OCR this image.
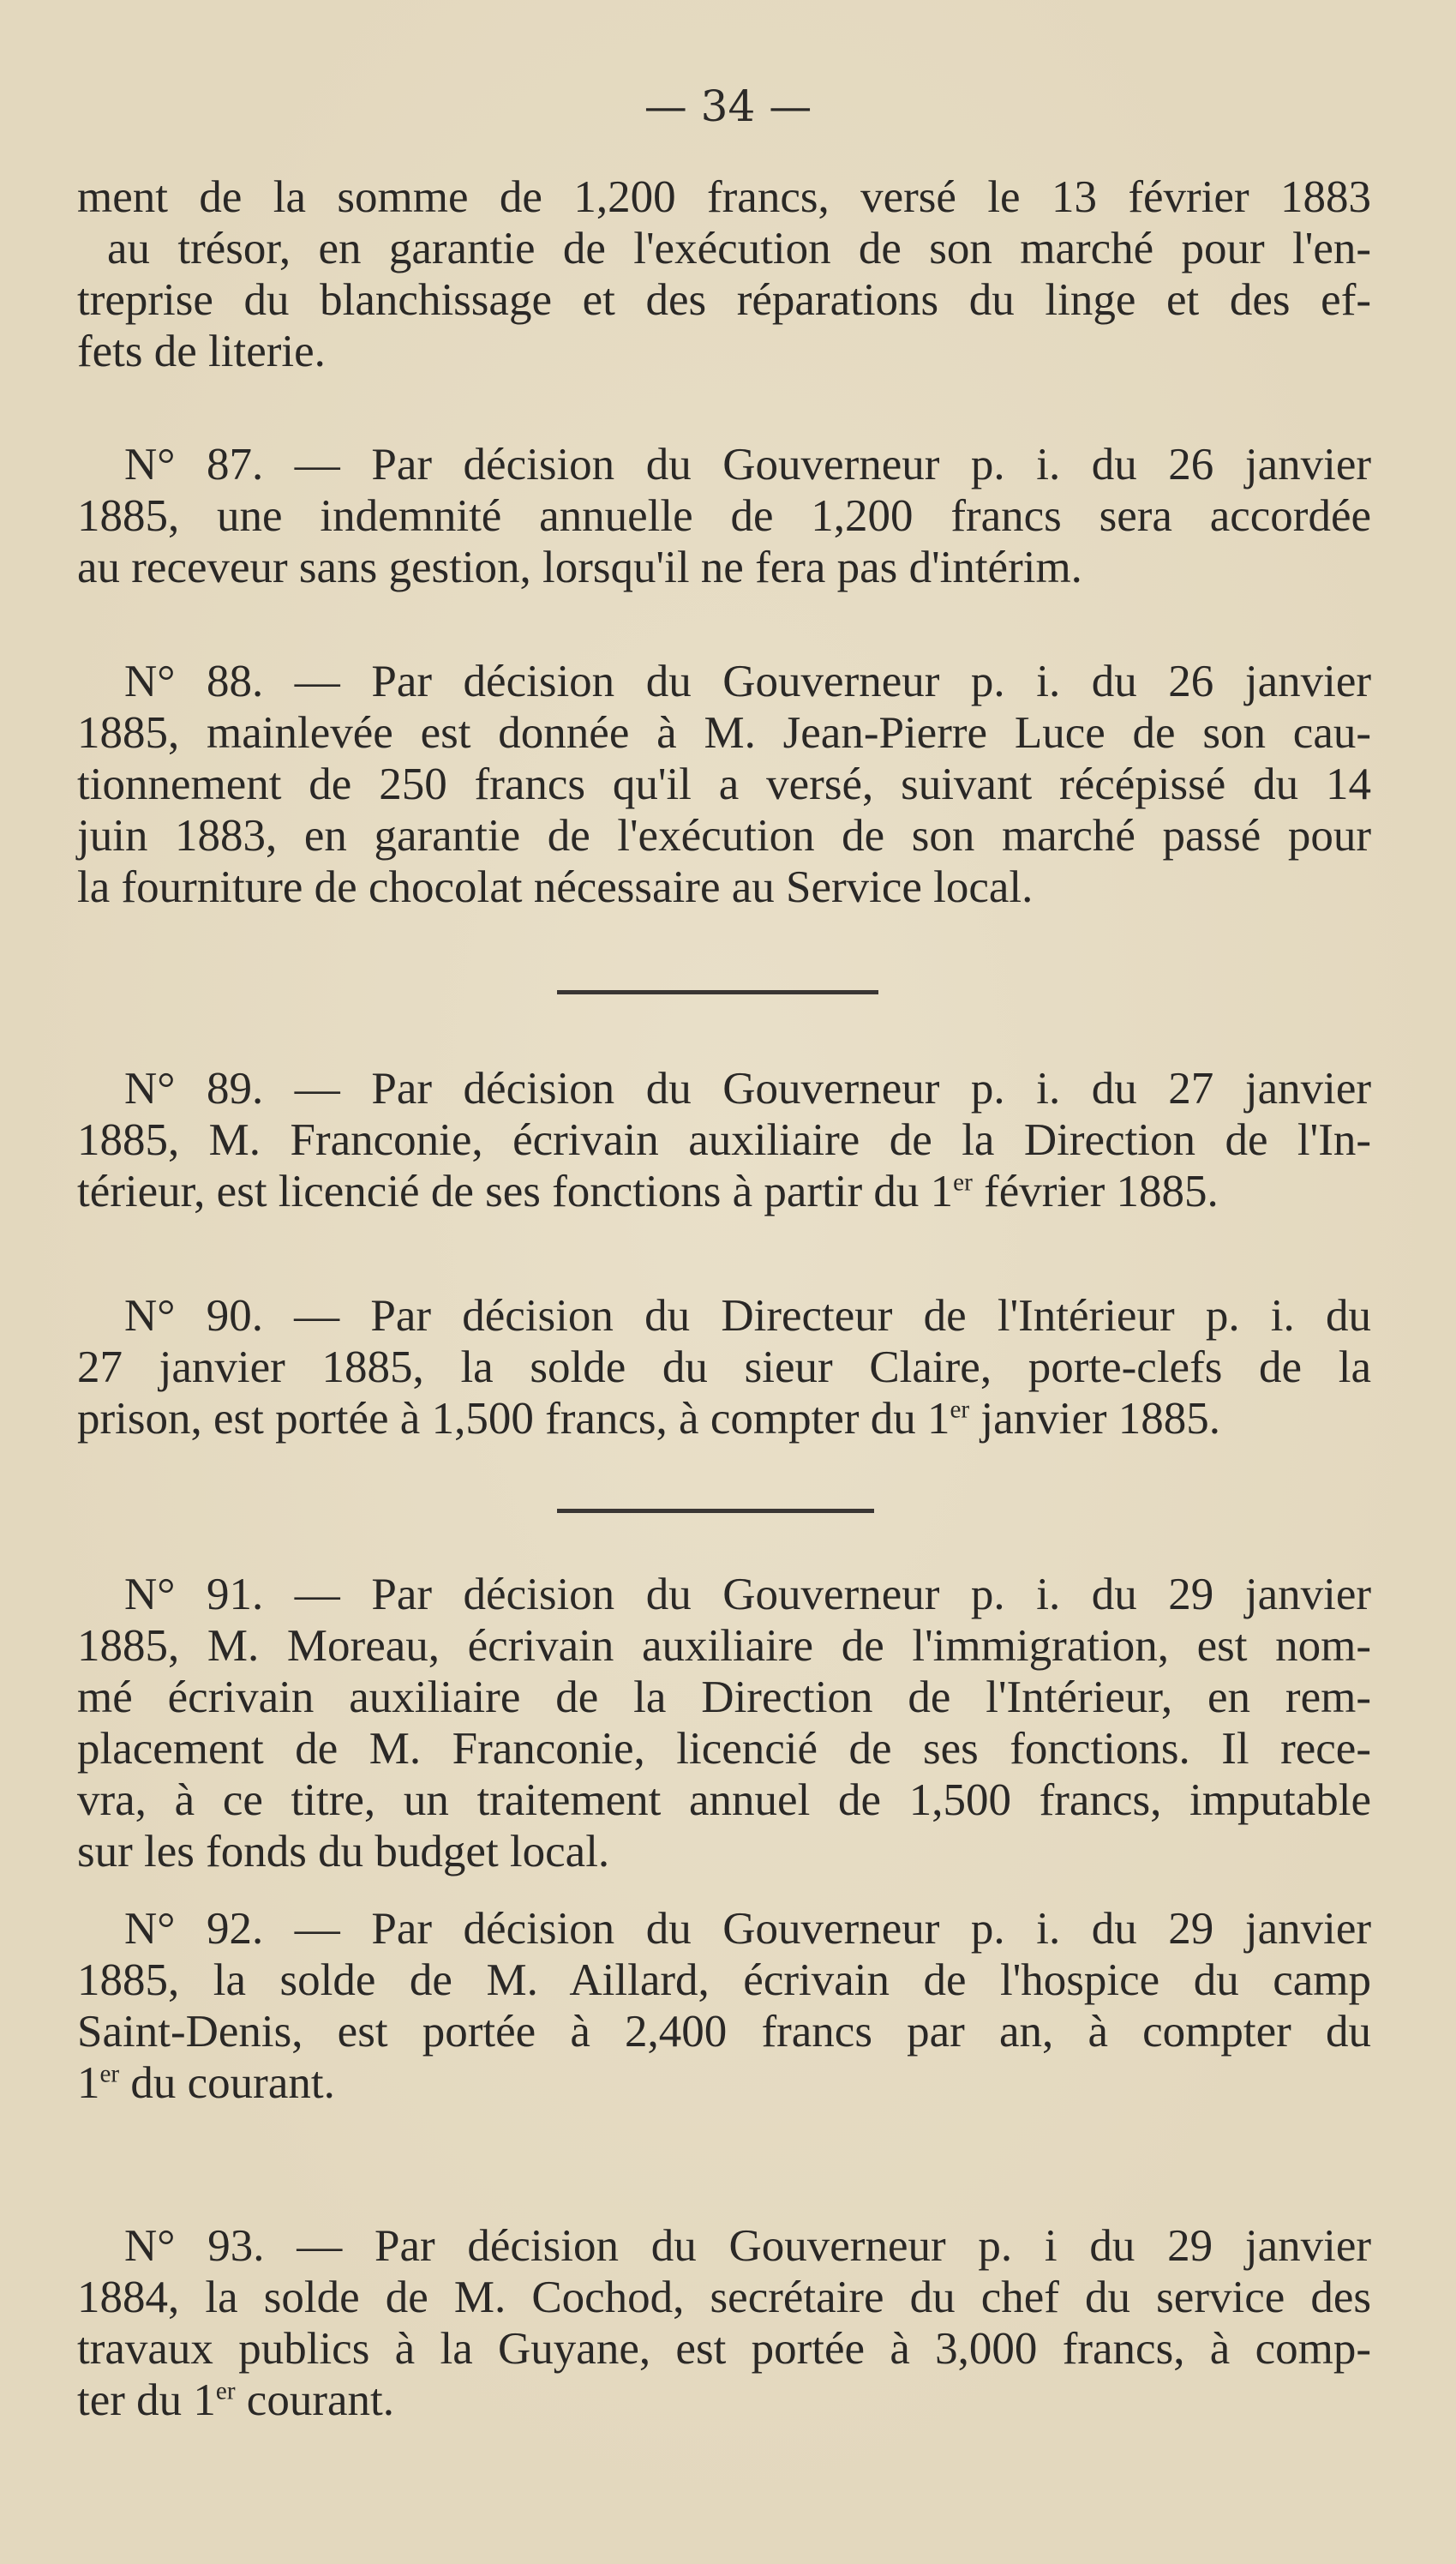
— 34 —
ment de la somme de 1,200 francs, versé le 13 février 1883
au trésor, en garantie de l'exécution de son marché pour l'en-
treprise du blanchissage et des réparations du linge et des ef-
fets de literie.
N° 87. — Par décision du Gouverneur p. i. du 26 janvier
1885, une indemnité annuelle de 1,200 francs sera accordée
au receveur sans gestion, lorsqu'il ne fera pas d'intérim.
N° 88. — Par décision du Gouverneur p. i. du 26 janvier
1885, mainlevée est donnée à M. Jean-Pierre Luce de son cau-
tionnement de 250 francs qu'il a versé, suivant récépissé du 14
juin 1883, en garantie de l'exécution de son marché passé pour
la fourniture de chocolat nécessaire au Service local.
N° 89. — Par décision du Gouverneur p. i. du 27 janvier
1885, M. Franconie, écrivain auxiliaire de la Direction de l'In-
térieur, est licencié de ses fonctions à partir du 1er février 1885.
N° 90. — Par décision du Directeur de l'Intérieur p. i. du
27 janvier 1885, la solde du sieur Claire, porte-clefs de la
prison, est portée à 1,500 francs, à compter du 1er janvier 1885.
N° 91. — Par décision du Gouverneur p. i. du 29 janvier
1885, M. Moreau, écrivain auxiliaire de l'immigration, est nom-
mé écrivain auxiliaire de la Direction de l'Intérieur, en rem-
placement de M. Franconie, licencié de ses fonctions. Il rece-
vra, à ce titre, un traitement annuel de 1,500 francs, imputable
sur les fonds du budget local.
N° 92. — Par décision du Gouverneur p. i. du 29 janvier
1885, la solde de M. Aillard, écrivain de l'hospice du camp
Saint-Denis, est portée à 2,400 francs par an, à compter du
1er du courant.
N° 93. — Par décision du Gouverneur p. i du 29 janvier
1884, la solde de M. Cochod, secrétaire du chef du service des
travaux publics à la Guyane, est portée à 3,000 francs, à comp-
ter du 1er courant.
